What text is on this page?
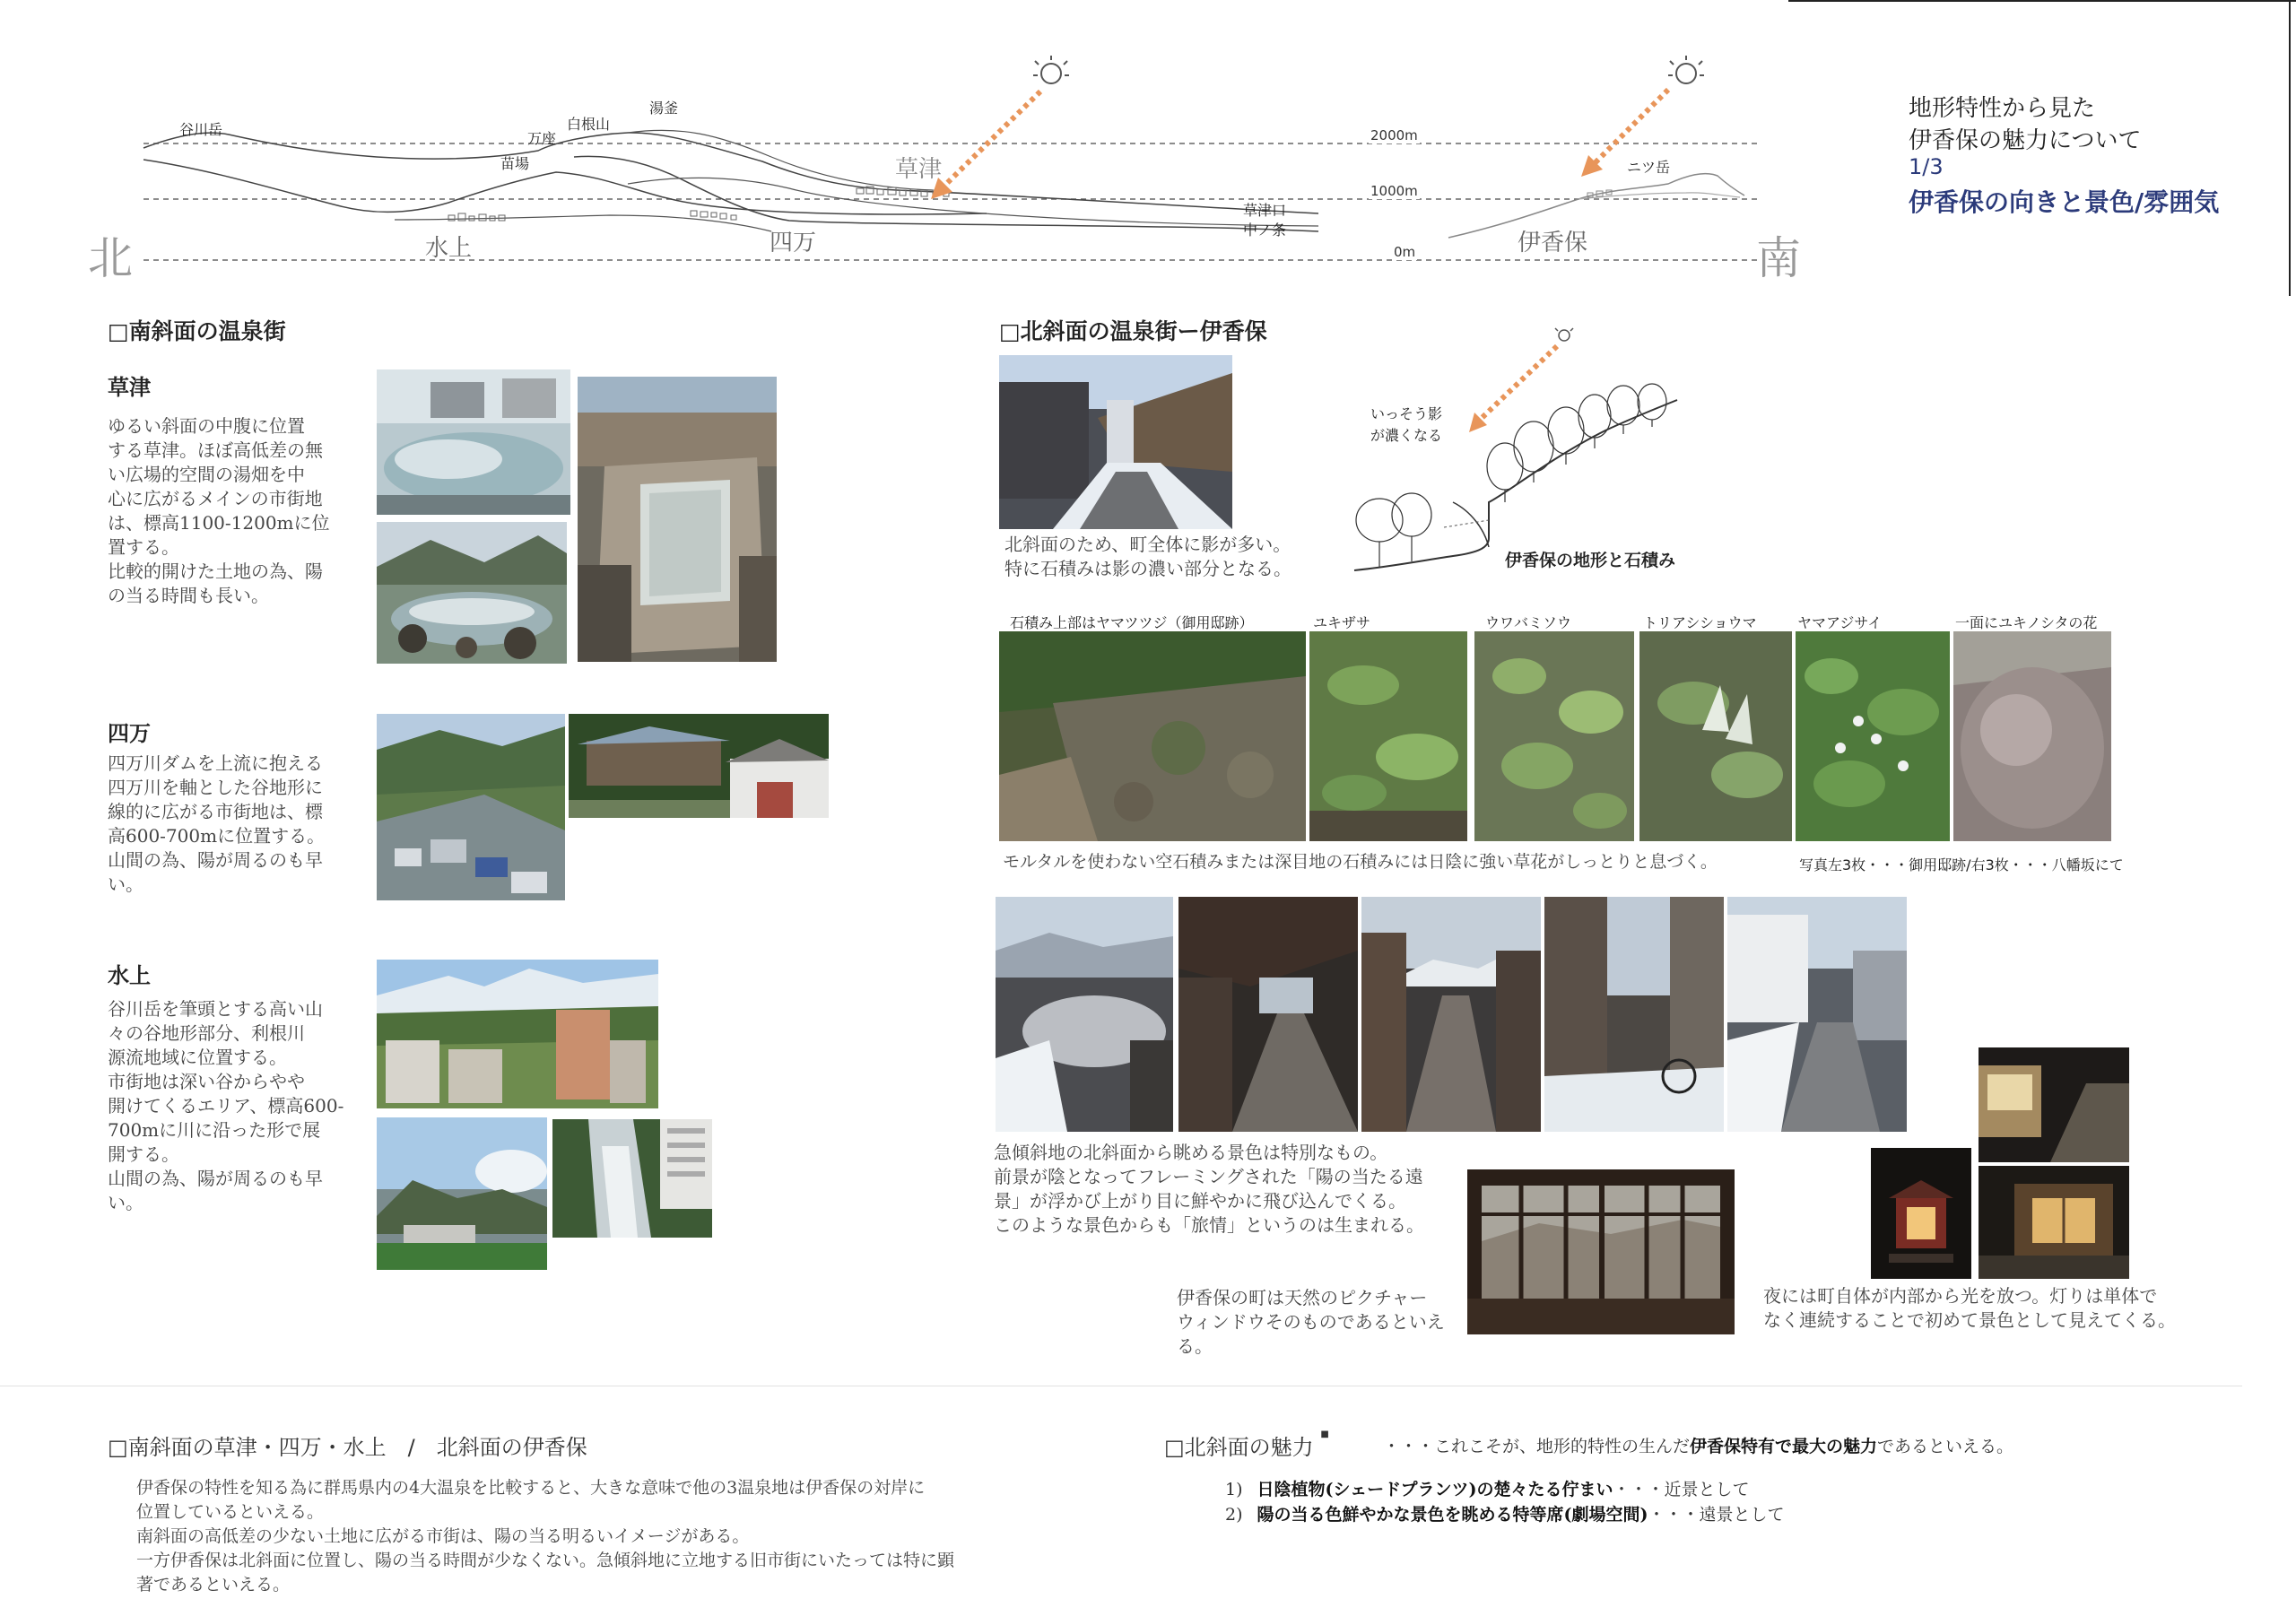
北	南
2000m
1000m
0m
谷川岳
万座
白根山
湯釜
苗場	草津
草津口
中ノ条
水上	四万
ニツ岳
伊香保
地形特性から見た
伊香保の魅力について
1/3
伊香保の向きと景色/雰囲気
□南斜面の温泉街
草津
ゆるい斜面の中腹に位置
する草津。ほぼ高低差の無
い広場的空間の湯畑を中
心に広がるメインの市街地
は、標高1100-1200mに位
置する。
比較的開けた土地の為、陽
の当る時間も長い。
四万
四万川ダムを上流に抱える
四万川を軸とした谷地形に
線的に広がる市街地は、標
高600-700mに位置する。
山間の為、陽が周るのも早
い。
水上
谷川岳を筆頭とする高い山
々の谷地形部分、利根川
源流地域に位置する。
市街地は深い谷からやや
開けてくるエリア、標高600-
700mに川に沿った形で展
開する。
山間の為、陽が周るのも早
い。
□北斜面の温泉街ー伊香保
北斜面のため、町全体に影が多い。
特に石積みは影の濃い部分となる。
いっそう影
が濃くなる
伊香保の地形と石積み
石積み上部はヤマツツジ（御用邸跡）	ユキザサ	ウワバミソウ	トリアシショウマ	ヤマアジサイ	一面にユキノシタの花
モルタルを使わない空石積みまたは深目地の石積みには日陰に強い草花がしっとりと息づく。	写真左3枚・・・御用邸跡/右3枚・・・八幡坂にて
急傾斜地の北斜面から眺める景色は特別なもの。
前景が陰となってフレーミングされた「陽の当たる遠
景」が浮かび上がり目に鮮やかに飛び込んでくる。
このような景色からも「旅情」というのは生まれる。
伊香保の町は天然のピクチャー
ウィンドウそのものであるといえる。
夜には町自体が内部から光を放つ。灯りは単体で
なく連続することで初めて景色として見えてくる。
□南斜面の草津・四万・水上　/　北斜面の伊香保
伊香保の特性を知る為に群馬県内の4大温泉を比較すると、大きな意味で他の3温泉地は伊香保の対岸に
位置しているといえる。
南斜面の高低差の少ない土地に広がる市街は、陽の当る明るいイメージがある。
一方伊香保は北斜面に位置し、陽の当る時間が少なくない。急傾斜地に立地する旧市街にいたっては特に顕
著であるといえる。
□北斜面の魅力 ■
・・・これこそが、地形的特性の生んだ伊香保特有で最大の魅力であるといえる。
1) 日陰植物(シェードプランツ)の楚々たる佇まい・・・近景として
2) 陽の当る色鮮やかな景色を眺める特等席(劇場空間)・・・遠景として
